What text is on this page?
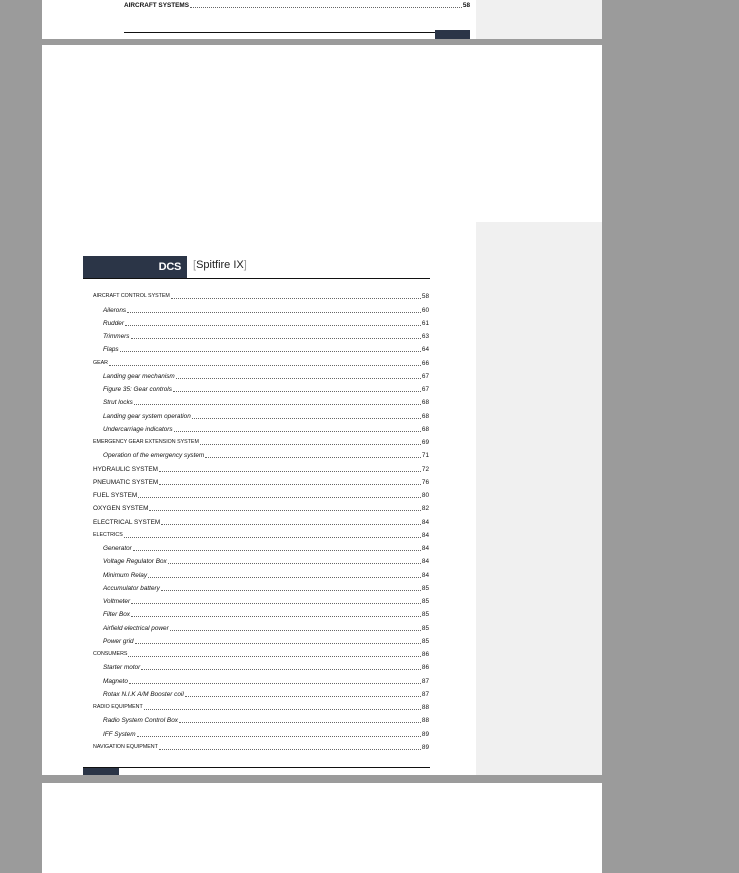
AIRCRAFT SYSTEMS	58
DCS [Spitfire IX]
AIRCRAFT CONTROL SYSTEM	58
Ailerons	60
Rudder	61
Trimmers	63
Flaps	64
GEAR	66
Landing gear mechanism	67
Figure 35: Gear controls	67
Strut locks	68
Landing gear system operation	68
Undercarriage indicators	68
EMERGENCY GEAR EXTENSION SYSTEM	69
Operation of the emergency system	71
HYDRAULIC SYSTEM	72
PNEUMATIC SYSTEM	76
FUEL SYSTEM	80
OXYGEN SYSTEM	82
ELECTRICAL SYSTEM	84
ELECTRICS	84
Generator	84
Voltage Regulator Box	84
Minimum Relay	84
Accumulator battery	85
Voltmeter	85
Filter Box	85
Airfield electrical power	85
Power grid	85
CONSUMERS	86
Starter motor	86
Magneto	87
Rotax N.I.K A/M Booster coil	87
RADIO EQUIPMENT	88
Radio System Control Box	88
IFF System	89
NAVIGATION EQUIPMENT	89
